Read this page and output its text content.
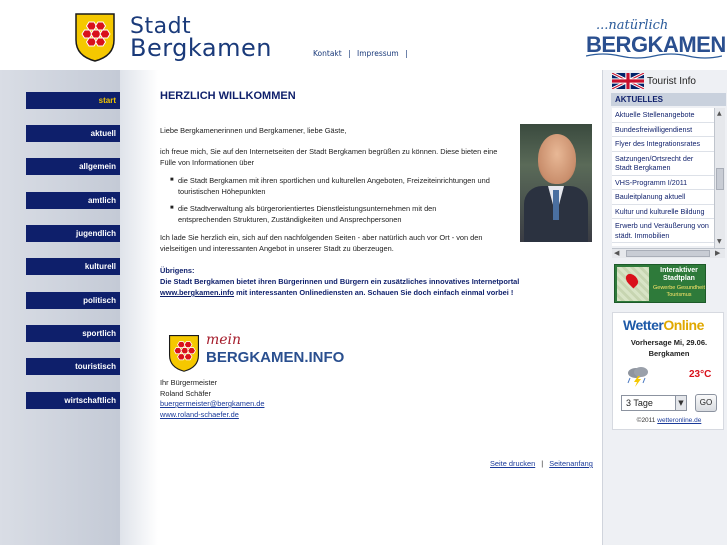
Stadt
Bergkamen	Kontakt | Impressum |
...natürlich
BERGKAMEN
start
aktuell
allgemein
amtlich
jugendlich
kulturell
politisch
sportlich
touristisch
wirtschaftlich
HERZLICH WILLKOMMEN
Liebe Bergkamenerinnen und Bergkamener, liebe Gäste,
ich freue mich, Sie auf den Internetseiten der Stadt Bergkamen begrüßen zu können. Diese bieten eine Fülle von Informationen über
■ die Stadt Bergkamen mit ihren sportlichen und kulturellen Angeboten, Freizeiteinrichtungen und touristischen Höhepunkten
■ die Stadtverwaltung als bürgerorientiertes Dienstleistungsunternehmen mit den entsprechenden Strukturen, Zuständigkeiten und Ansprechpersonen
Ich lade Sie herzlich ein, sich auf den nachfolgenden Seiten - aber natürlich auch vor Ort - von den vielseitigen und interessanten Angebot in unserer Stadt zu überzeugen.
Übrigens:
Die Stadt Bergkamen bietet ihren Bürgerinnen und Bürgern ein zusätzliches innovatives Internetportal www.bergkamen.info mit interessanten Onlinediensten an. Schauen Sie doch einfach einmal vorbei !
mein
BERGKAMEN.INFO
Ihr Bürgermeister
Roland Schäfer
buergermeister@bergkamen.de
www.roland-schaefer.de
Seite drucken | Seitenanfang
Tourist Info
AKTUELLES
Aktuelle Stellenangebote
Bundesfreiwilligendienst
Flyer des Integrationsrates
Satzungen/Ortsrecht der Stadt Bergkamen
VHS-Programm I/2011
Bauleitplanung aktuell
Kultur und kulturelle Bildung
Erwerb und Veräußerung von städt. Immobilien
▲
▼
◀	▶
Interaktiver Stadtplan
Gewerbe Gesundheit Tourismus
WetterOnline
Vorhersage Mi, 29.06.
Bergkamen
23°C
3 Tage	▼	GO
©2011 wetteronline.de
